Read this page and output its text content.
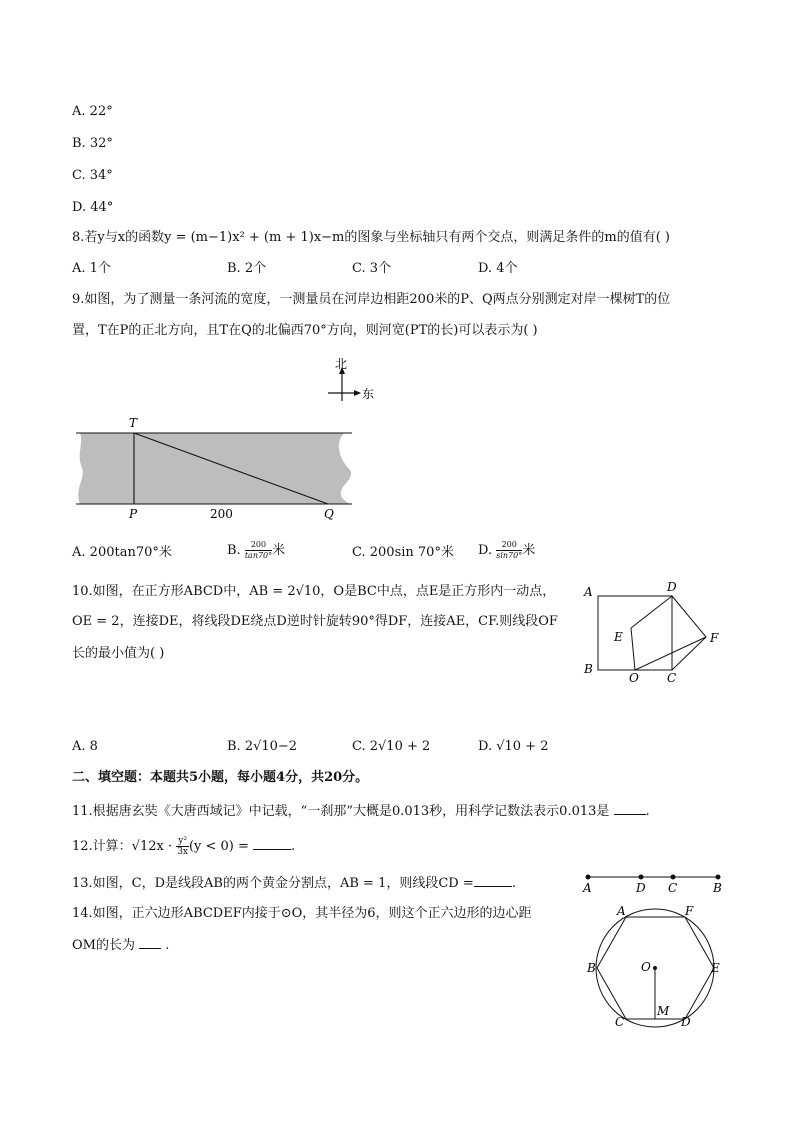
A. 22°
B. 32°
C. 34°
D. 44°
8.若y与x的函数y = (m−1)x² + (m + 1)x−m的图象与坐标轴只有两个交点，则满足条件的m的值有( )
A. 1个	B. 2个	C. 3个	D. 4个
9.如图，为了测量一条河流的宽度，一测量员在河岸边相距200米的P、Q两点分别测定对岸一棵树T的位
置，T在P的正北方向，且T在Q的北偏西70°方向，则河宽(PT的长)可以表示为( )
北
东
T
P	Q
200
A. 200tan70°米	B. $\frac{200}{\tan 70^\circ}$ 米	C. 200sin 70°米 D. $\frac{200}{\sin 70^\circ}$ 米
10.如图，在正方形ABCD中，AB = 2√10，O是BC中点，点E是正方形内一动点，
OE = 2，连接DE，将线段DE绕点D逆时针旋转90°得DF，连接AE，CF.则线段OF
长的最小值为( )
A	D
B
C
O
E	F
A. 8	B. 2√10−2	C. 2√10 + 2	D. √10 + 2
二、填空题：本题共5小题，每小题4分，共20分。
11.根据唐玄奘《大唐西域记》中记载，“一刹那”大概是0.013秒，用科学记数法表示0.013是	.
12.计算：$√12x \cdot \frac{\text{y²}}{3x} (y < 0)$ =	.
13.如图，C，D是线段AB的两个黄金分割点，AB = 1，则线段CD =	.	A	D C	B
14.如图，正六边形ABCDEF内接于⊙O，其半径为6，则这个正六边形的边心距
OM的长为 .
A	F
B	E
C	D
O
M
